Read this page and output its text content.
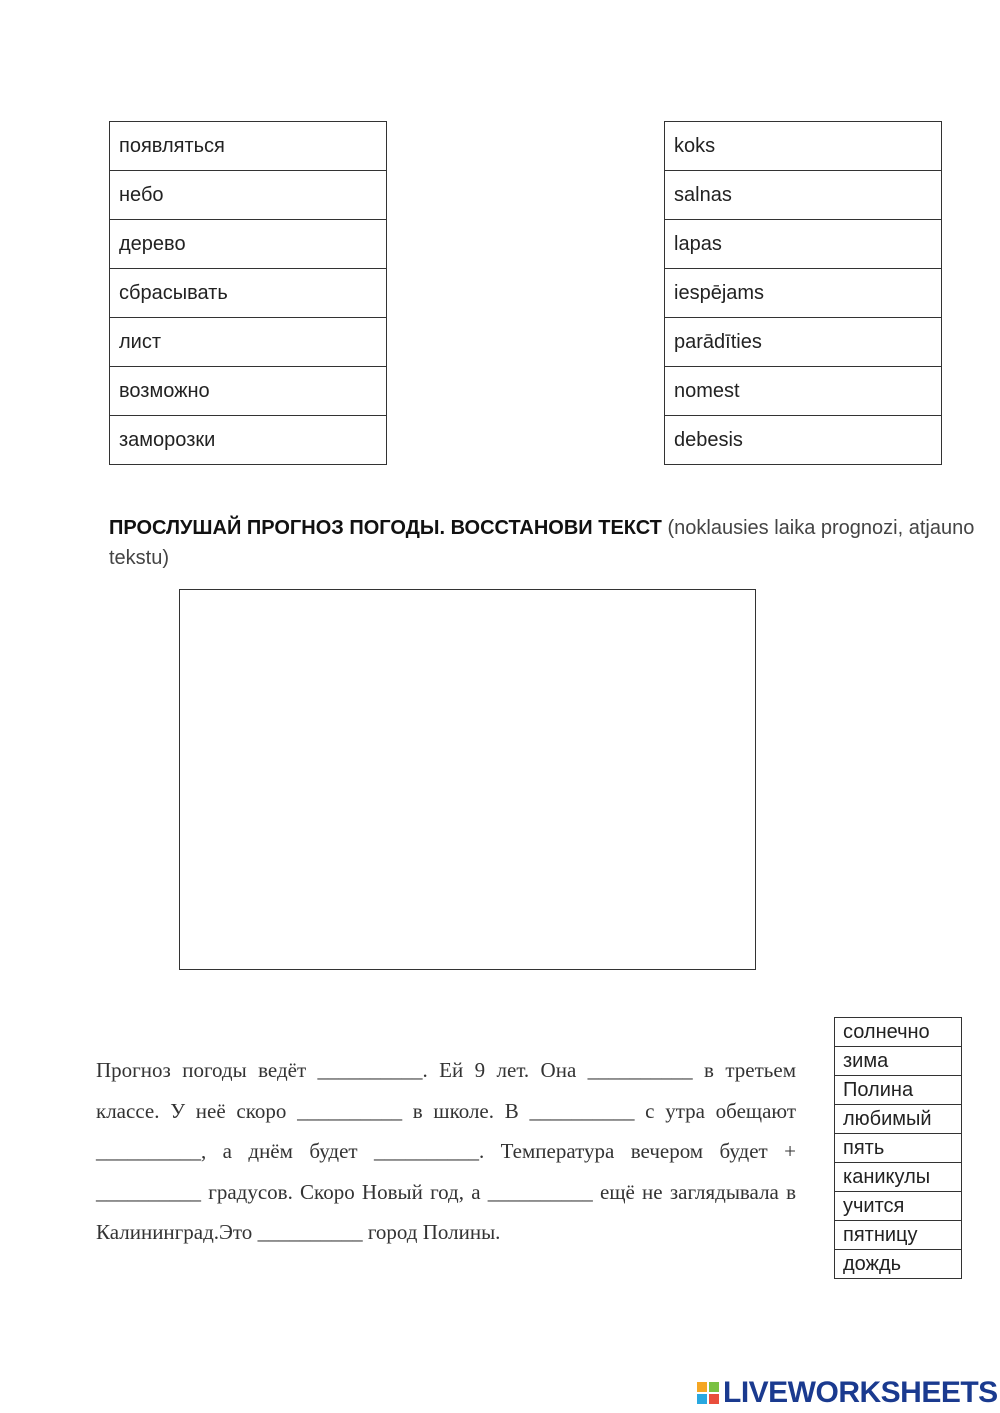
появляться
небо
дерево
сбрасывать
лист
возможно
заморозки
koks
salnas
lapas
iespējams
parādīties
nomest
debesis

ПРОСЛУШАЙ ПРОГНОЗ ПОГОДЫ. ВОССТАНОВИ ТЕКСТ (noklausies laika prognozi, atjauno tekstu)

Прогноз погоды ведёт __________. Ей 9 лет. Она __________ в третьем классе. У неё скоро __________ в школе. В __________ с утра обещают __________, а днём будет __________. Температура вечером будет + __________ градусов. Скоро Новый год, а __________ ещё не заглядывала в Калининград.Это __________ город Полины.

солнечно
зима
Полина
любимый
пять
каникулы
учится
пятницу
дождь
LIVEWORKSHEETS
